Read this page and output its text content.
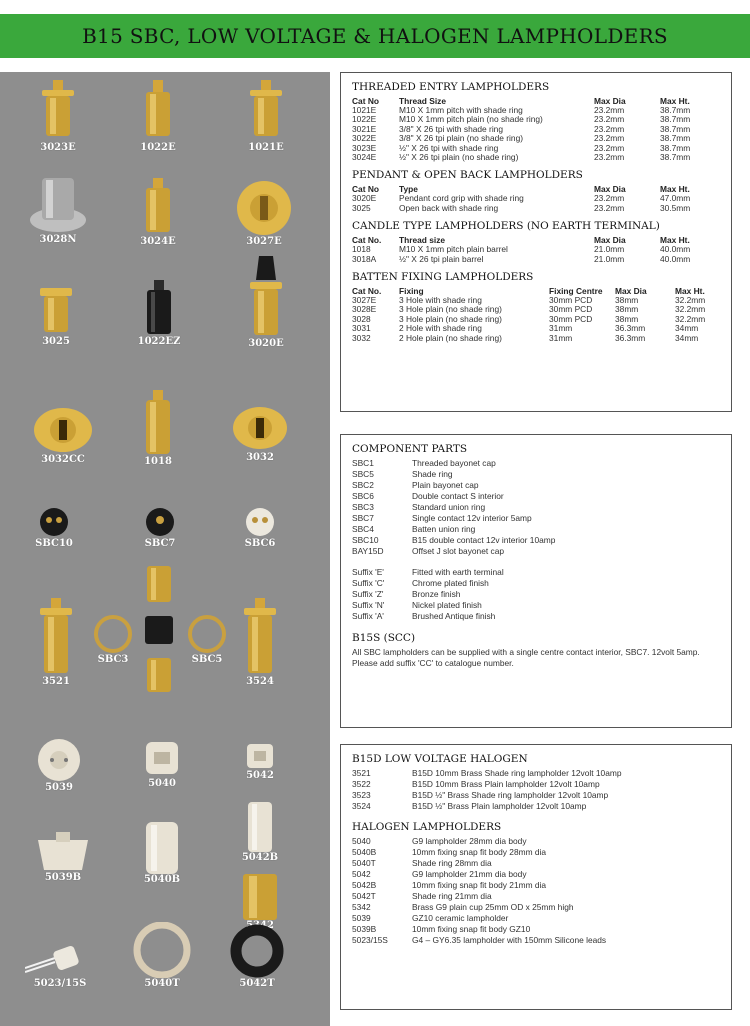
B15 SBC, LOW VOLTAGE & HALOGEN LAMPHOLDERS
3023E	1022E	1021E
3028N	3024E	3027E
3025	1022EZ	3020E
3032CC	1018	3032
SBC10	SBC7	SBC6
3521
SBC3	SBC5
3524
5039	5040
5042
5042B
5039B	5040B
5342
5023/15S	5040T	5042T
THREADED ENTRY LAMPHOLDERS
Cat No	Thread Size	Max Dia	Max Ht.
1021E	M10 X 1mm pitch with shade ring	23.2mm	38.7mm
1022E	M10 X 1mm pitch plain (no shade ring)	23.2mm	38.7mm
3021E	3/8" X 26 tpi with shade ring	23.2mm	38.7mm
3022E	3/8" X 26 tpi plain (no shade ring)	23.2mm	38.7mm
3023E	½" X 26 tpi with shade ring	23.2mm	38.7mm
3024E	½" X 26 tpi plain (no shade ring)	23.2mm	38.7mm
PENDANT & OPEN BACK LAMPHOLDERS
Cat No	Type	Max Dia	Max Ht.
3020E	Pendant cord grip with shade ring	23.2mm	47.0mm
3025	Open back with shade ring	23.2mm	30.5mm
CANDLE TYPE LAMPHOLDERS (NO EARTH TERMINAL)
Cat No.	Thread size	Max Dia	Max Ht.
1018	M10 X 1mm pitch plain barrel	21.0mm	40.0mm
3018A	½" X 26 tpi plain barrel	21.0mm	40.0mm
BATTEN FIXING LAMPHOLDERS
Cat No.	Fixing	Fixing Centre	Max Dia	Max Ht.
3027E	3 Hole with shade ring	30mm PCD	38mm	32.2mm
3028E	3 Hole plain (no shade ring)	30mm PCD	38mm	32.2mm
3028	3 Hole plain (no shade ring)	30mm PCD	38mm	32.2mm
3031	2 Hole with shade ring	31mm	36.3mm	34mm
3032	2 Hole plain (no shade ring)	31mm	36.3mm	34mm
COMPONENT PARTS
SBC1	Threaded bayonet cap
SBC5	Shade ring
SBC2	Plain bayonet cap
SBC6	Double contact S interior
SBC3	Standard union ring
SBC7	Single contact 12v interior 5amp
SBC4	Batten union ring
SBC10	B15 double contact 12v interior 10amp
BAY15D	Offset J slot bayonet cap
Suffix 'E'	Fitted with earth terminal
Suffix 'C'	Chrome plated finish
Suffix 'Z'	Bronze finish
Suffix 'N'	Nickel plated finish
Suffix 'A'	Brushed Antique finish
B15S (SCC)
All SBC lampholders can be supplied with a single centre contact interior, SBC7. 12volt 5amp.
Please add suffix 'CC' to catalogue number.
B15D LOW VOLTAGE HALOGEN
3521	B15D 10mm Brass Shade ring lampholder 12volt 10amp
3522	B15D 10mm Brass Plain lampholder 12volt 10amp
3523	B15D ½" Brass Shade ring lampholder 12volt 10amp
3524	B15D ½" Brass Plain lampholder 12volt 10amp
HALOGEN LAMPHOLDERS
5040	G9 lampholder 28mm dia body
5040B	10mm fixing snap fit body 28mm dia
5040T	Shade ring 28mm dia
5042	G9 lampholder 21mm dia body
5042B	10mm fixing snap fit body 21mm dia
5042T	Shade ring 21mm dia
5342	Brass G9 plain cup 25mm OD x 25mm high
5039	GZ10 ceramic lampholder
5039B	10mm fixing snap fit body GZ10
5023/15S	G4 – GY6.35 lampholder with 150mm Silicone leads
